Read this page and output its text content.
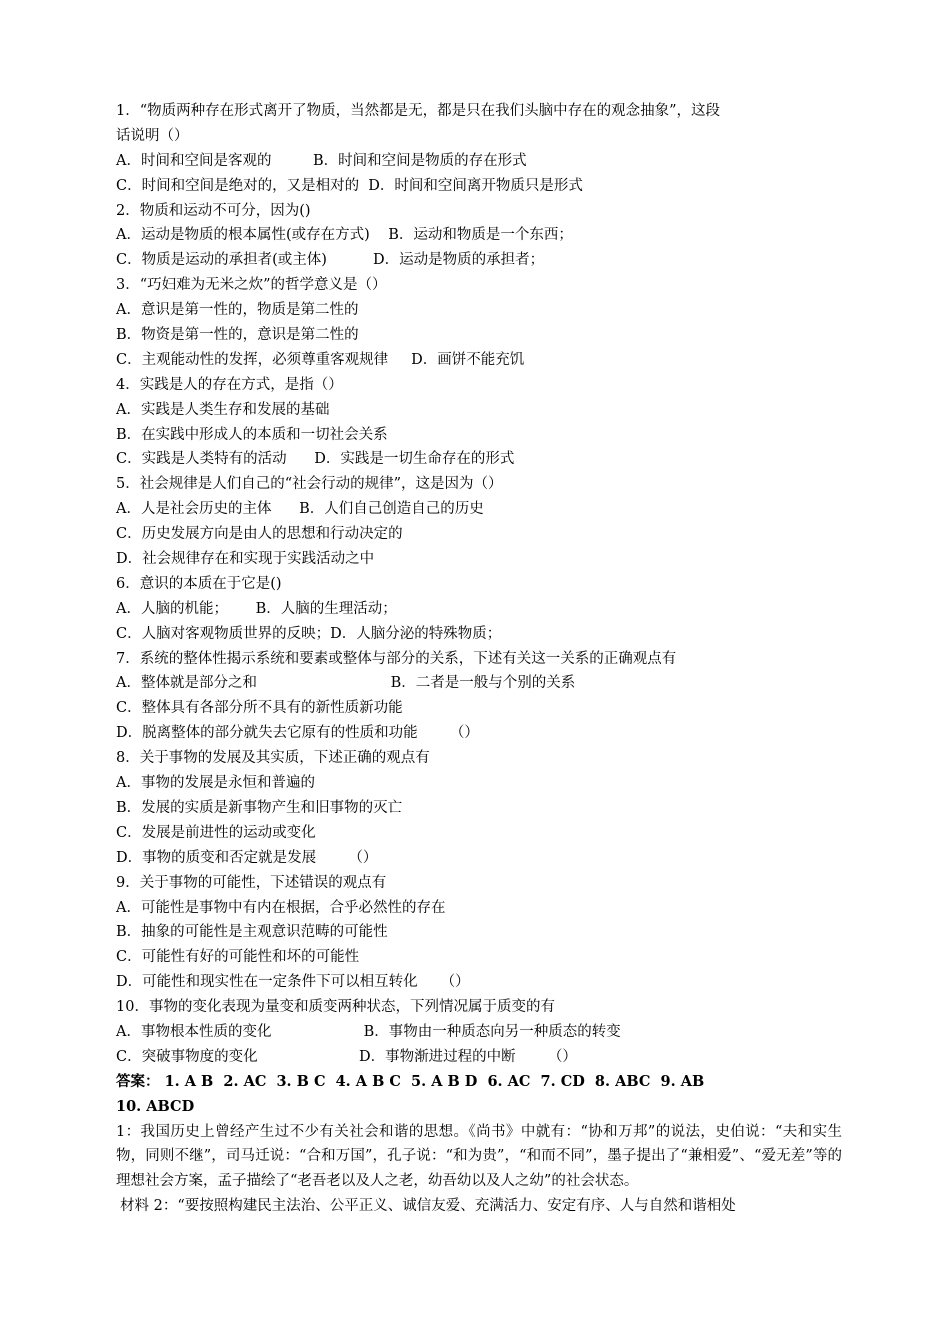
1．“物质两种存在形式离开了物质，当然都是无，都是只在我们头脑中存在的观念抽象”，这段
话说明（）
A．时间和空间是客观的         B．时间和空间是物质的存在形式
C．时间和空间是绝对的，又是相对的  D．时间和空间离开物质只是形式
2．物质和运动不可分，因为()
A．运动是物质的根本属性(或存在方式)    B．运动和物质是一个东西；
C．物质是运动的承担者(或主体)          D．运动是物质的承担者；
3．“巧妇难为无米之炊”的哲学意义是（）
A．意识是第一性的，物质是第二性的
B．物资是第一性的，意识是第二性的
C．主观能动性的发挥，必须尊重客观规律     D．画饼不能充饥
4．实践是人的存在方式，是指（）
A．实践是人类生存和发展的基础
B．在实践中形成人的本质和一切社会关系
C．实践是人类特有的活动      D．实践是一切生命存在的形式
5．社会规律是人们自己的“社会行动的规律”，这是因为（）
A．人是社会历史的主体      B．人们自己创造自己的历史
C．历史发展方向是由人的思想和行动决定的
D．社会规律存在和实现于实践活动之中
6．意识的本质在于它是()
A．人脑的机能；      B．人脑的生理活动；
C．人脑对客观物质世界的反映；D．人脑分泌的特殊物质；
7．系统的整体性揭示系统和要素或整体与部分的关系，下述有关这一关系的正确观点有
A．整体就是部分之和                             B．二者是一般与个别的关系
C．整体具有各部分所不具有的新性质新功能
D．脱离整体的部分就失去它原有的性质和功能       （）
8．关于事物的发展及其实质，下述正确的观点有
A．事物的发展是永恒和普遍的
B．发展的实质是新事物产生和旧事物的灭亡
C．发展是前进性的运动或变化
D．事物的质变和否定就是发展       （）
9．关于事物的可能性，下述错误的观点有
A．可能性是事物中有内在根据，合乎必然性的存在
B．抽象的可能性是主观意识范畴的可能性
C．可能性有好的可能性和坏的可能性
D．可能性和现实性在一定条件下可以相互转化     （）
10．事物的变化表现为量变和质变两种状态，下列情况属于质变的有
A．事物根本性质的变化                    B．事物由一种质态向另一种质态的转变
C．突破事物度的变化                      D．事物渐进过程的中断       （）
答案： 1. A B  2. AC  3. B C  4. A B C  5. A B D  6. AC  7. CD  8. ABC  9. AB
10. ABCD
1：我国历史上曾经产生过不少有关社会和谐的思想。《尚书》中就有：“协和万邦”的说法，史伯说：“夫和实生物，同则不继”，司马迁说：“合和万国”，孔子说：“和为贵”，“和而不同”，墨子提出了“兼相爱”、“爱无差”等的理想社会方案，孟子描绘了“老吾老以及人之老，幼吾幼以及人之幼”的社会状态。
材料 2：“要按照构建民主法治、公平正义、诚信友爱、充满活力、安定有序、人与自然和谐相处
